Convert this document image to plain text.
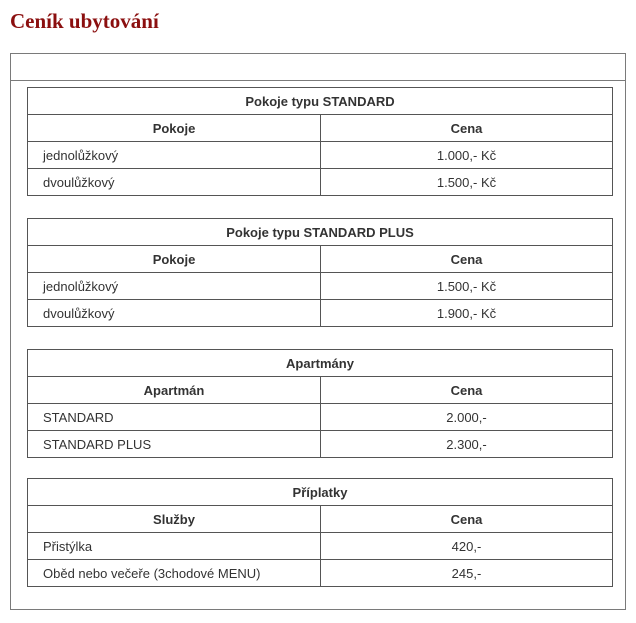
Ceník ubytování
Pokoje typu STANDARD	
Pokoje	Cena
jednolůžkový	1.000,- Kč
dvoulůžkový	1.500,- Kč
Pokoje typu STANDARD PLUS	
Pokoje	Cena
jednolůžkový	1.500,- Kč
dvoulůžkový	1.900,- Kč
Apartmány	
Apartmán	Cena
STANDARD	2.000,-
STANDARD PLUS	2.300,-
Příplatky	
Služby	Cena
Přistýlka	420,-
Oběd nebo večeře (3chodové MENU)	245,-
